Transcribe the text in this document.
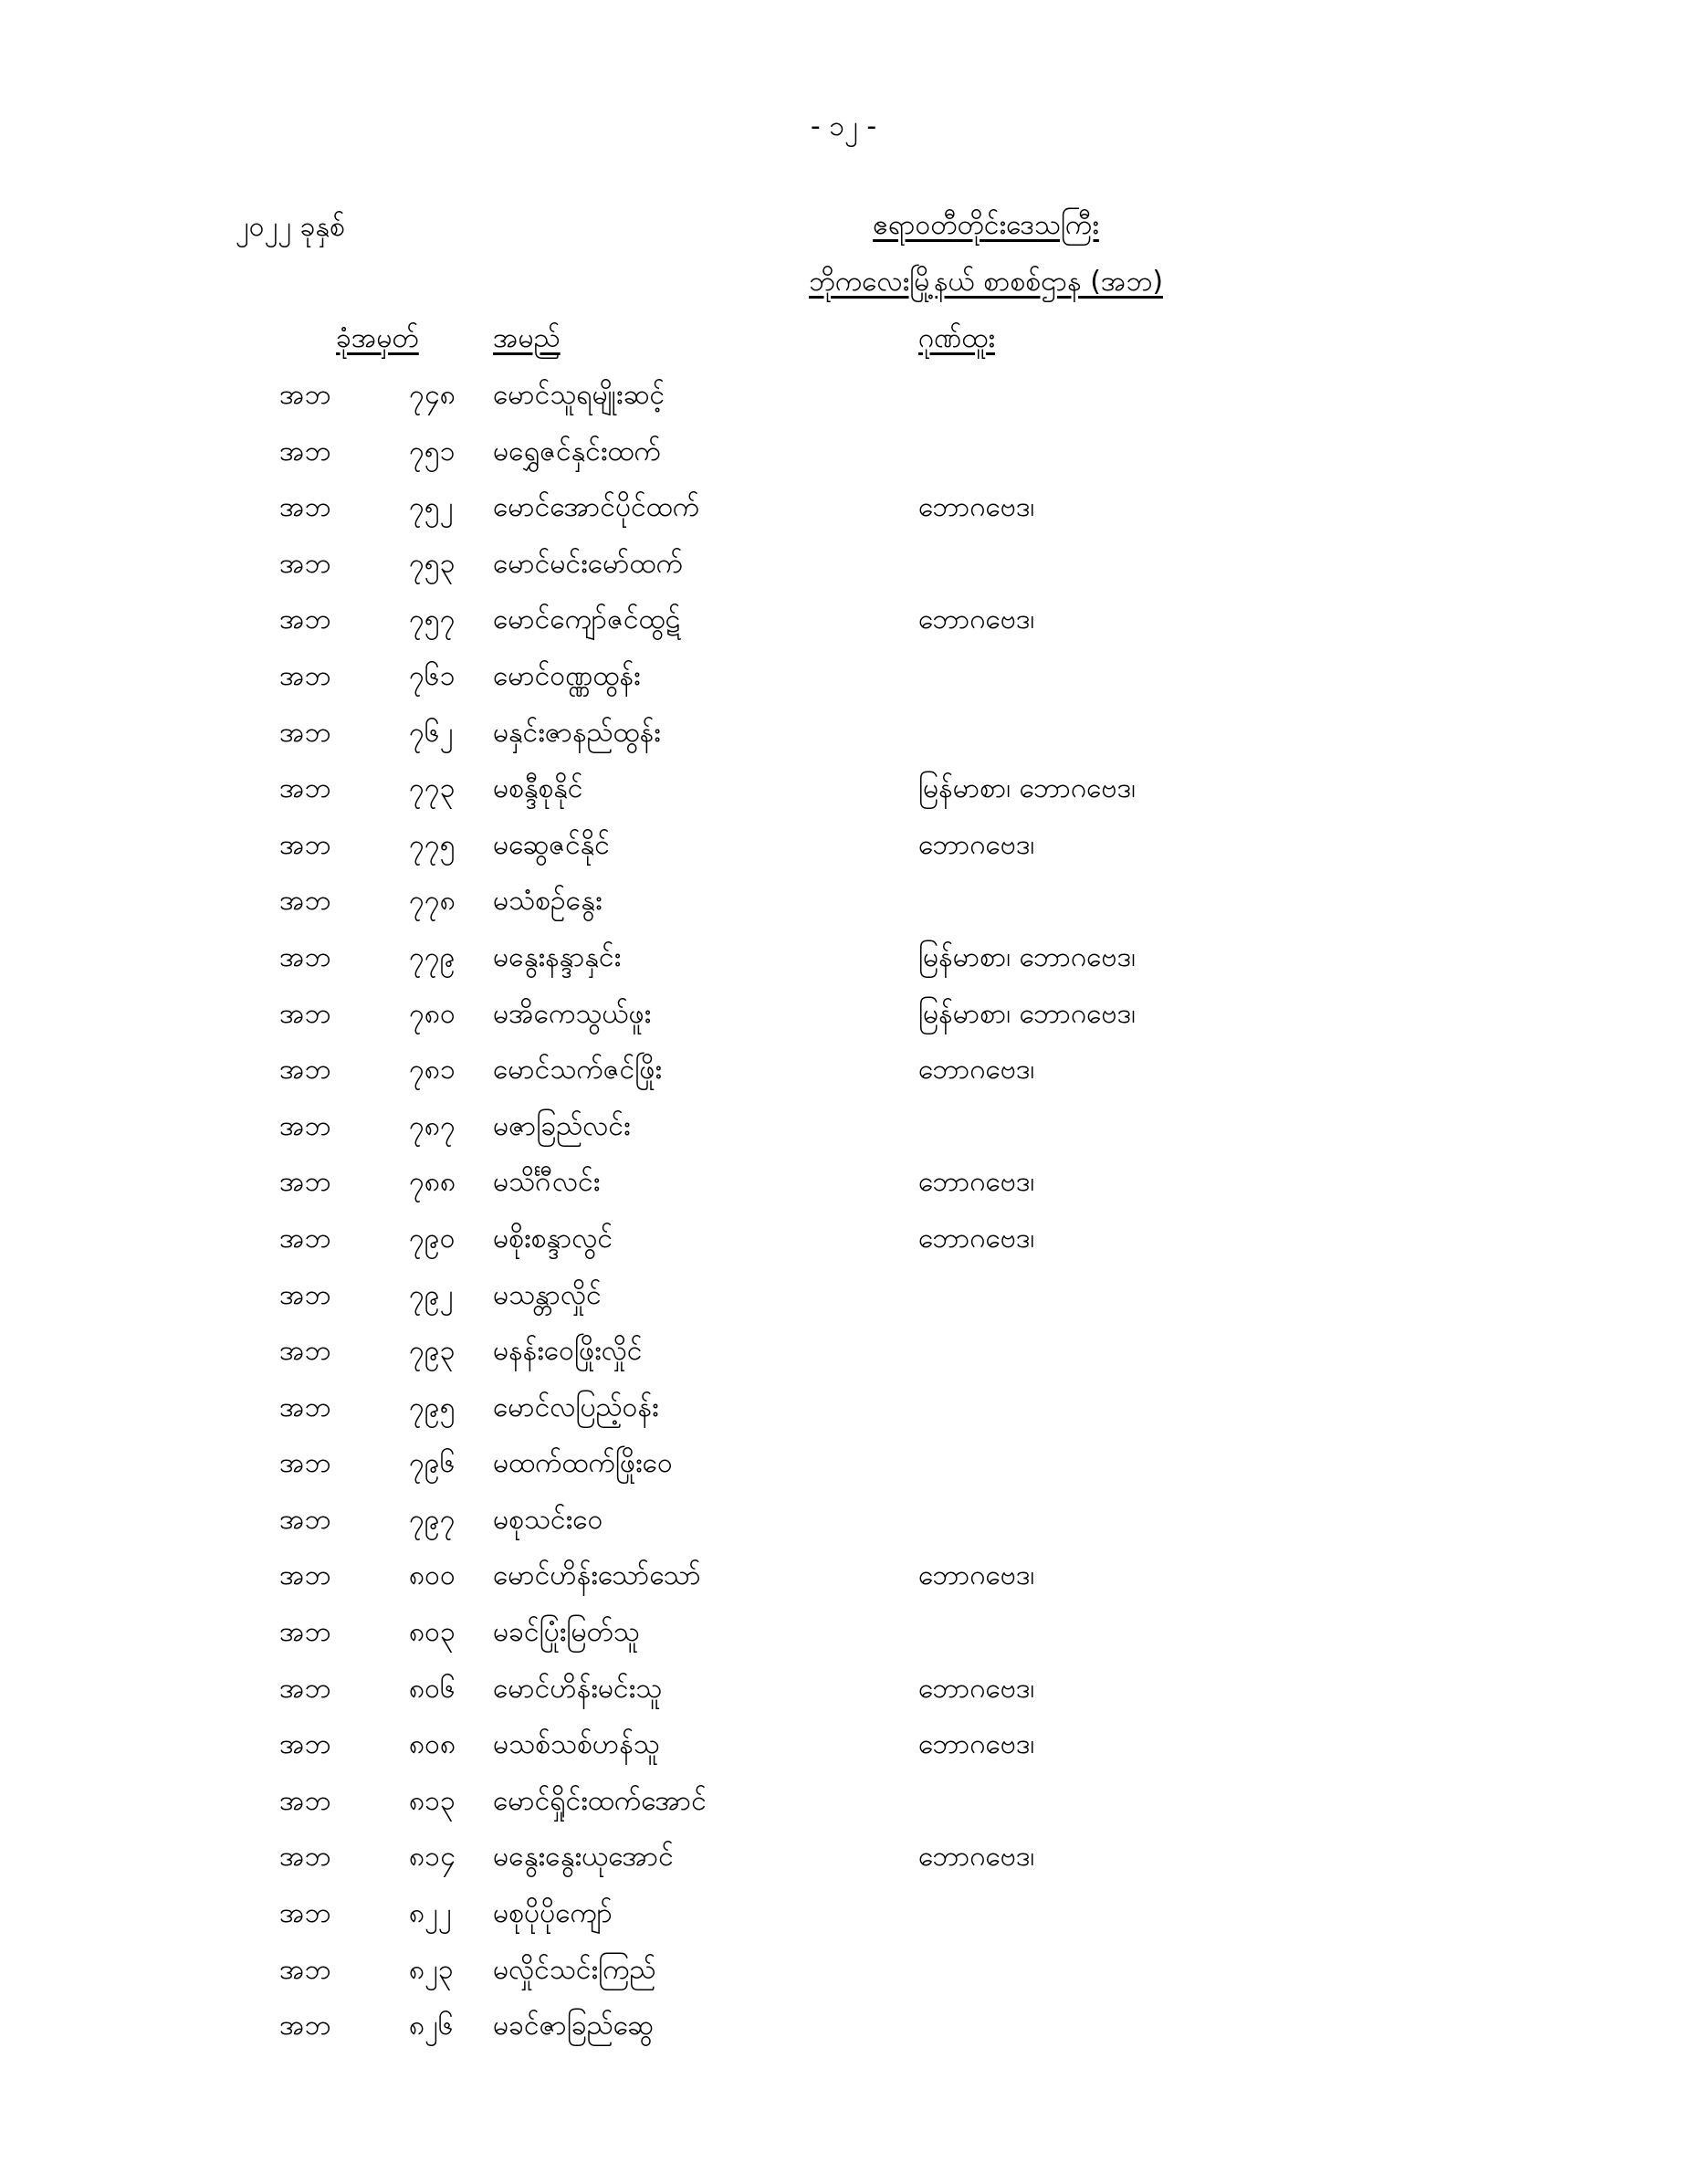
- ၁၂ -
၂၀၂၂ ခုနှစ်	ဧရာဝတီတိုင်းဒေသကြီး
ဘိုကလေးမြို့နယ် စာစစ်ဌာန (အဘ)
ခုံအမှတ်	အမည်	ဂုဏ်ထူး
အဘ	၇၄၈ မောင်သူရမျိုးဆင့်
အဘ	၇၅၁ မရွှေဇင်နှင်းထက်
အဘ	၇၅၂ မောင်အောင်ပိုင်ထက်	ဘောဂဗေဒ၊
အဘ	၇၅၃ မောင်မင်းမော်ထက်
အဘ	၇၅၇ မောင်ကျော်ဇင်ထွဋ်	ဘောဂဗေဒ၊
အဘ	၇၆၁ မောင်ဝဏ္ဏထွန်း
အဘ	၇၆၂ မနှင်းဇာနည်ထွန်း
အဘ	၇၇၃ မစန္ဒီစုနိုင်	မြန်မာစာ၊ ဘောဂဗေဒ၊
အဘ	၇၇၅ မဆွေဇင်နိုင်	ဘောဂဗေဒ၊
အဘ	၇၇၈ မသံစဉ်နွေး
အဘ	၇၇၉ မနွေးနန္ဒာနှင်း	မြန်မာစာ၊ ဘောဂဗေဒ၊
အဘ	၇၈၀ မအိကေသွယ်ဖူး	မြန်မာစာ၊ ဘောဂဗေဒ၊
အဘ	၇၈၁ မောင်သက်ဇင်ဖြိုး	ဘောဂဗေဒ၊
အဘ	၇၈၇ မဇာခြည်လင်း
အဘ	၇၈၈ မသိင်္ဂီလင်း	ဘောဂဗေဒ၊
အဘ	၇၉၀ မစိုးစန္ဒာလွင်	ဘောဂဗေဒ၊
အဘ	၇၉၂ မသန္တာလှိုင်
အဘ	၇၉၃ မနန်းဝေဖြိုးလှိုင်
အဘ	၇၉၅ မောင်လပြည့်ဝန်း
အဘ	၇၉၆ မထက်ထက်ဖြိုးဝေ
အဘ	၇၉၇ မစုသင်းဝေ
အဘ	၈၀၀ မောင်ဟိန်းသော်သော်	ဘောဂဗေဒ၊
အဘ	၈၀၃ မခင်ပြုံးမြတ်သူ
အဘ	၈၀၆ မောင်ဟိန်းမင်းသူ	ဘောဂဗေဒ၊
အဘ	၈၀၈ မသစ်သစ်ဟန်သူ	ဘောဂဗေဒ၊
အဘ	၈၁၃ မောင်ရှိုင်းထက်အောင်
အဘ	၈၁၄ မနွေးနွေးယုအောင်	ဘောဂဗေဒ၊
အဘ	၈၂၂ မစုပိုပိုကျော်
အဘ	၈၂၃ မလှိုင်သင်းကြည်
အဘ	၈၂၆ မခင်ဇာခြည်ဆွေ
